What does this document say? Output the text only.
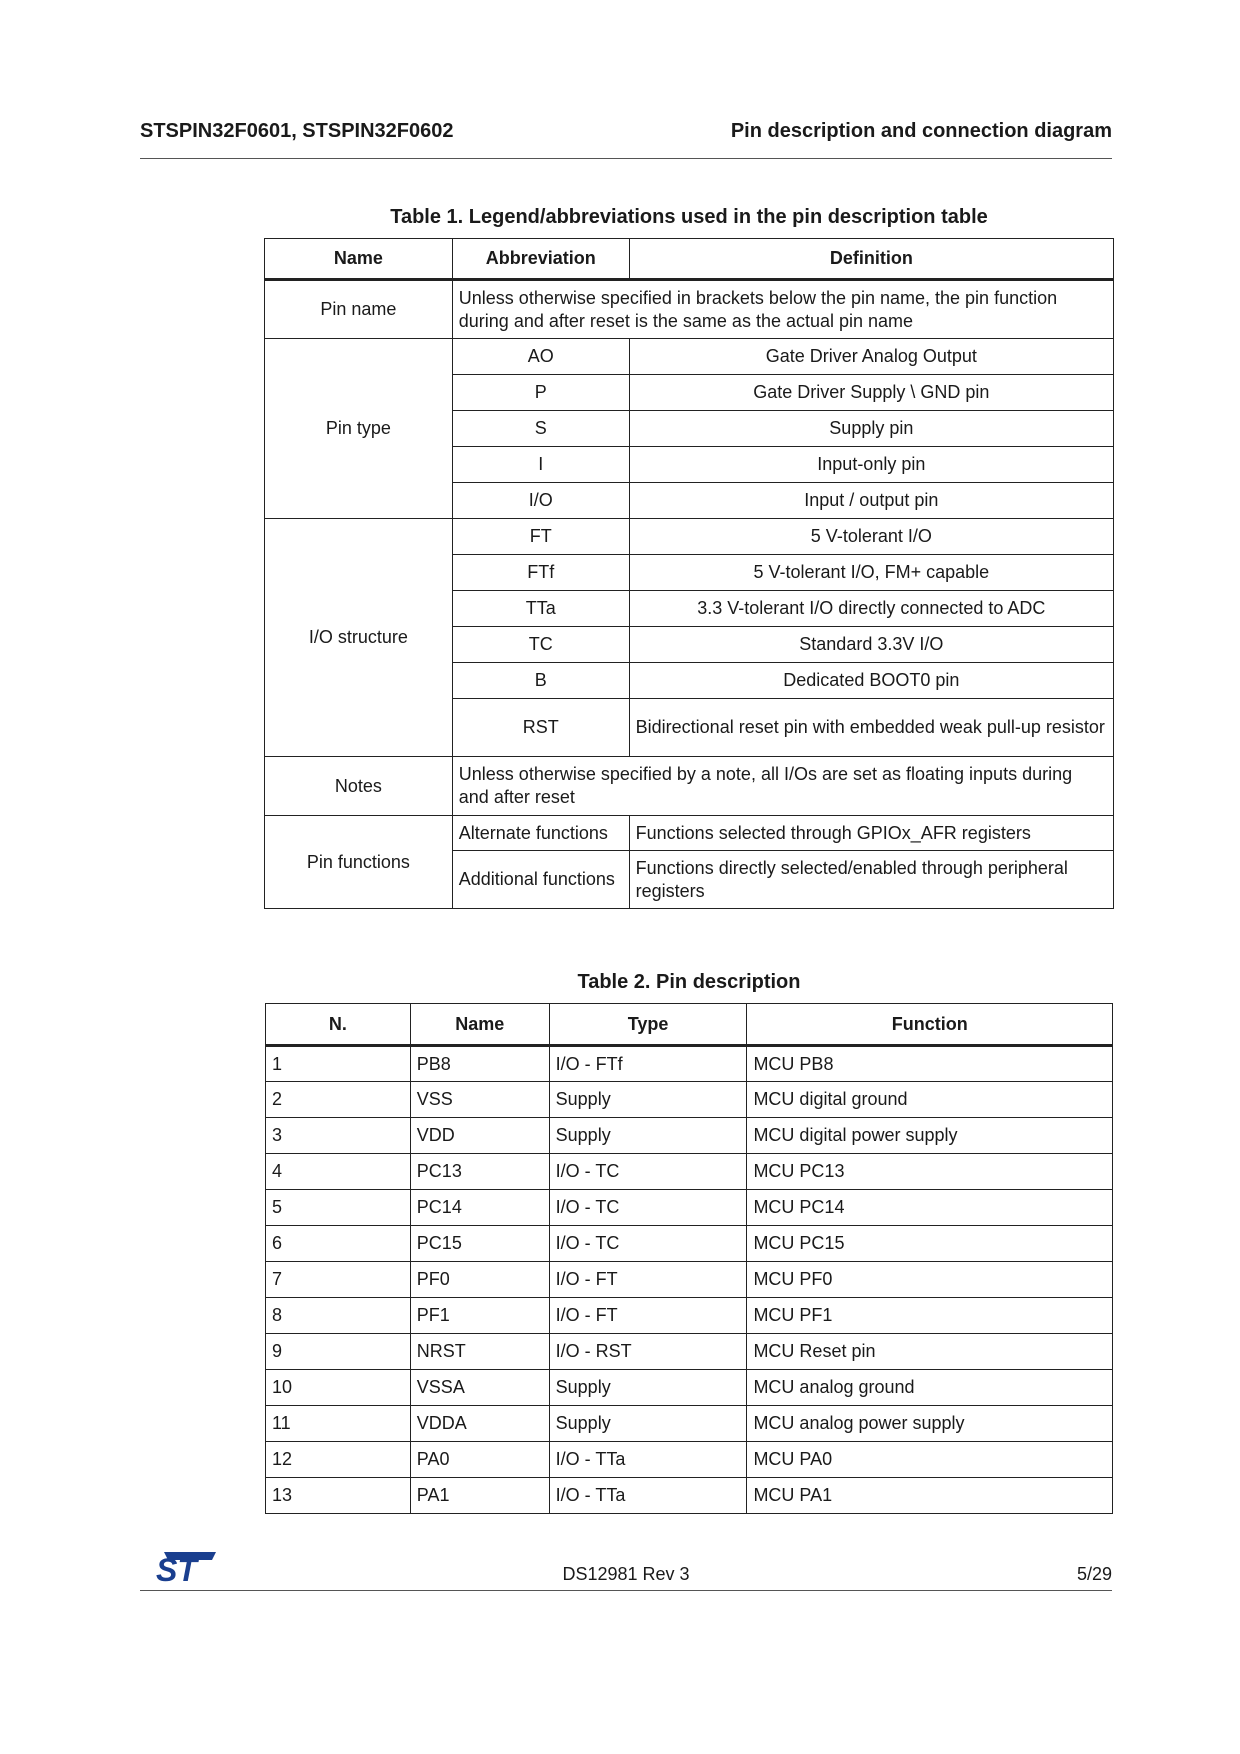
STSPIN32F0601, STSPIN32F0602	Pin description and connection diagram
Table 1. Legend/abbreviations used in the pin description table
Name	Abbreviation	Definition
Pin name	Unless otherwise specified in brackets below the pin name, the pin function during and after reset is the same as the actual pin name	
Pin type	AO	Gate Driver Analog Output
	P	Gate Driver Supply \ GND pin
	S	Supply pin
	I	Input-only pin
	I/O	Input / output pin
I/O structure	FT	5 V-tolerant I/O
	FTf	5 V-tolerant I/O, FM+ capable
	TTa	3.3 V-tolerant I/O directly connected to ADC
	TC	Standard 3.3V I/O
	B	Dedicated BOOT0 pin
	RST	Bidirectional reset pin with embedded weak pull-up resistor
Notes	Unless otherwise specified by a note, all I/Os are set as floating inputs during and after reset	
Pin functions	Alternate functions	Functions selected through GPIOx_AFR registers
	Additional functions	Functions directly selected/enabled through peripheral registers
Table 2. Pin description
N.	Name	Type	Function
1	PB8	I/O - FTf	MCU PB8
2	VSS	Supply	MCU digital ground
3	VDD	Supply	MCU digital power supply
4	PC13	I/O - TC	MCU PC13
5	PC14	I/O - TC	MCU PC14
6	PC15	I/O - TC	MCU PC15
7	PF0	I/O - FT	MCU PF0
8	PF1	I/O - FT	MCU PF1
9	NRST	I/O - RST	MCU Reset pin
10	VSSA	Supply	MCU analog ground
11	VDDA	Supply	MCU analog power supply
12	PA0	I/O - TTa	MCU PA0
13	PA1	I/O - TTa	MCU PA1
ST	DS12981 Rev 3	5/29
